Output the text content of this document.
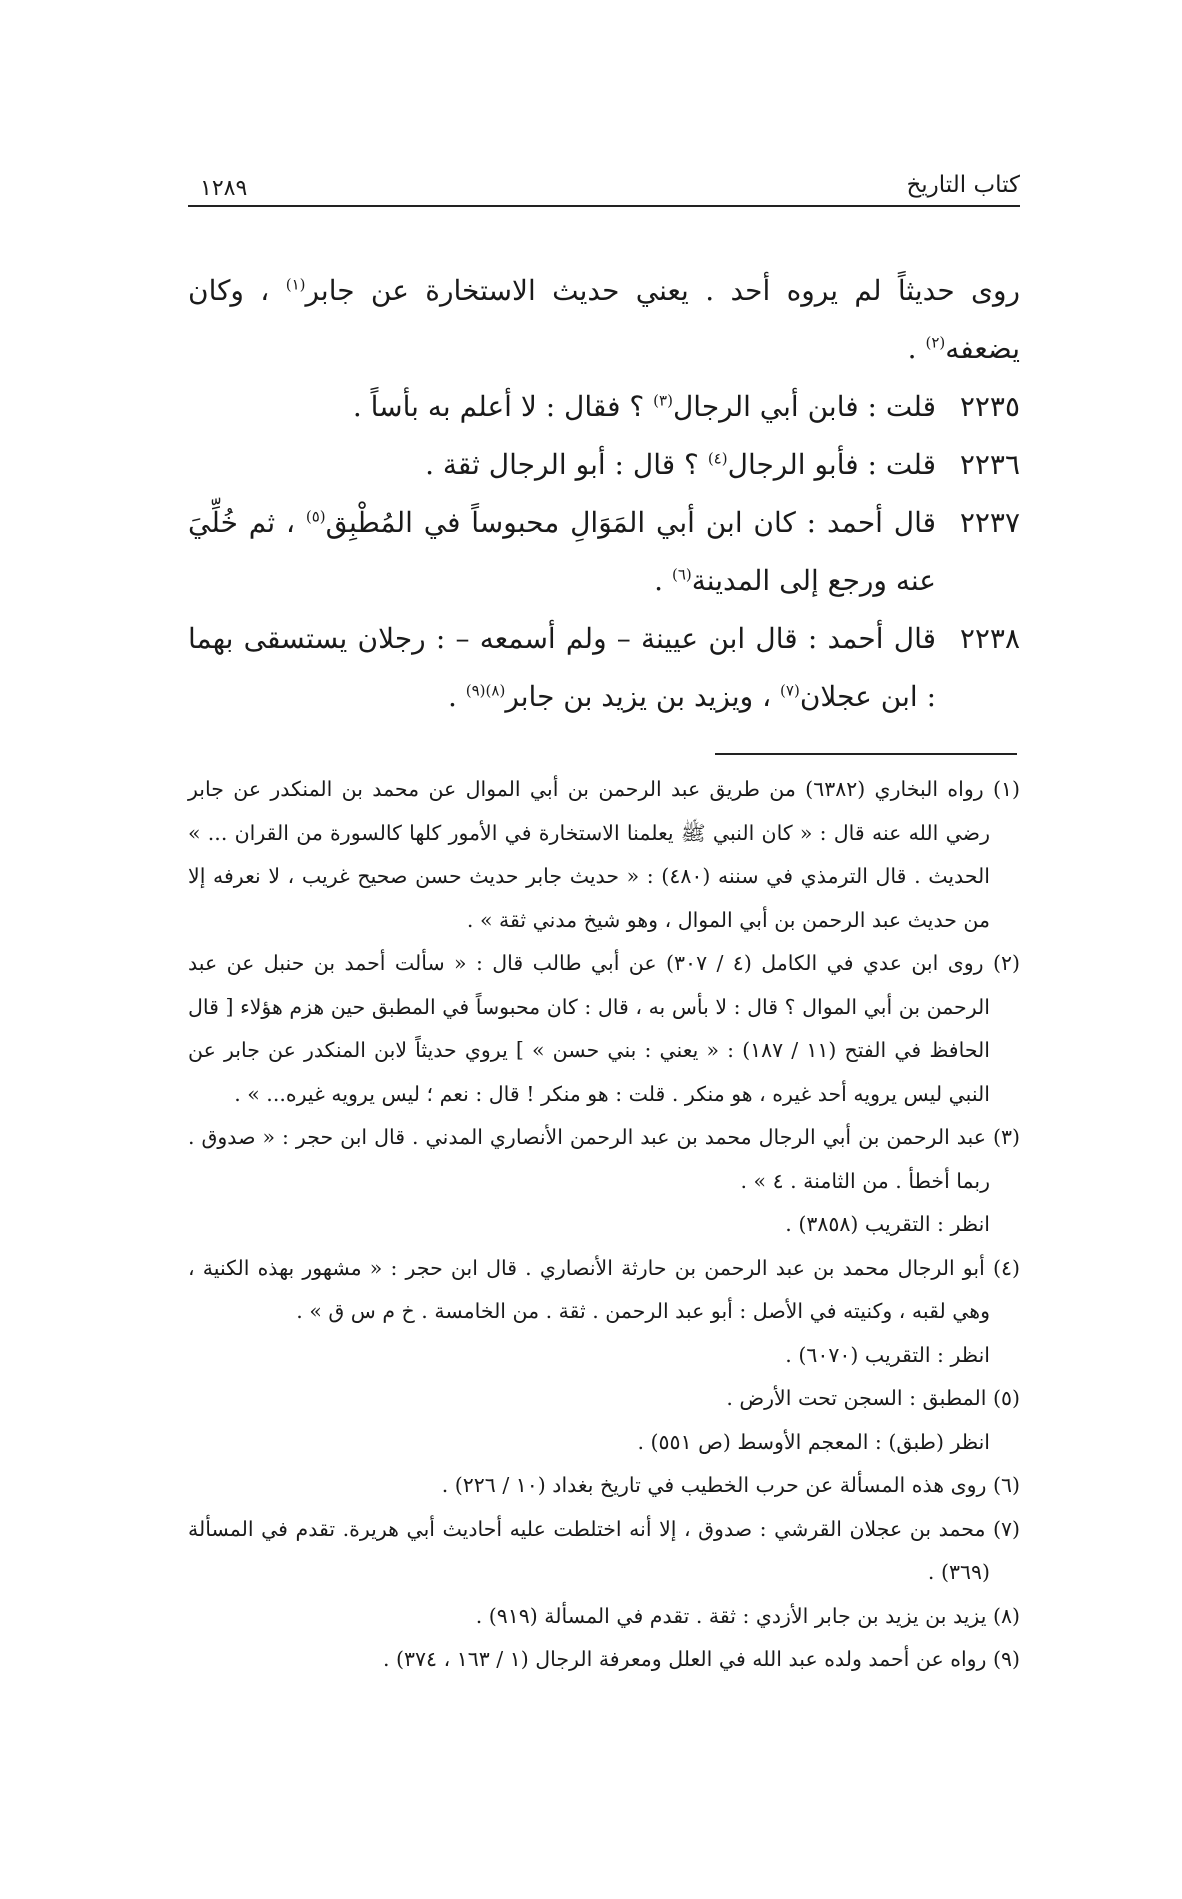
كتاب التاريخ
١٢٨٩

روى حديثاً لم يروه أحد . يعني حديث الاستخارة عن جابر$^{(١)}$ ، وكان يضعفه$^{(٢)}$ .

٢٢٣٥
قلت : فابن أبي الرجال$^{(٣)}$ ؟ فقال : لا أعلم به بأساً .
٢٢٣٦
قلت : فأبو الرجال$^{(٤)}$ ؟ قال : أبو الرجال ثقة .
٢٢٣٧
قال أحمد : كان ابن أبي المَوَالِ محبوساً في المُطْبِق$^{(٥)}$ ، ثم خُلِّيَ عنه ورجع إلى المدينة$^{(٦)}$ .
٢٢٣٨
قال أحمد : قال ابن عيينة – ولم أسمعه – : رجلان يستسقى بهما : ابن عجلان$^{(٧)}$ ، ويزيد بن يزيد بن جابر$^{(٨)(٩)}$ .

(١) رواه البخاري (٦٣٨٢) من طريق عبد الرحمن بن أبي الموال عن محمد بن المنكدر عن جابر رضي الله عنه قال : « كان النبي ﷺ يعلمنا الاستخارة في الأمور كلها كالسورة من القران ... » الحديث . قال الترمذي في سننه (٤٨٠) : « حديث جابر حديث حسن صحيح غريب ، لا نعرفه إلا من حديث عبد الرحمن بن أبي الموال ، وهو شيخ مدني ثقة » .

(٢) روى ابن عدي في الكامل (٤ / ٣٠٧) عن أبي طالب قال : « سألت أحمد بن حنبل عن عبد الرحمن بن أبي الموال ؟ قال : لا بأس به ، قال : كان محبوساً في المطبق حين هزم هؤلاء [ قال الحافظ في الفتح (١١ / ١٨٧) : « يعني : بني حسن » ] يروي حديثاً لابن المنكدر عن جابر عن النبي ليس يرويه أحد غيره ، هو منكر . قلت : هو منكر ! قال : نعم ؛ ليس يرويه غيره... » .

(٣) عبد الرحمن بن أبي الرجال محمد بن عبد الرحمن الأنصاري المدني . قال ابن حجر : « صدوق . ربما أخطأ . من الثامنة . ٤ » .

انظر : التقريب (٣٨٥٨) .

(٤) أبو الرجال محمد بن عبد الرحمن بن حارثة الأنصاري . قال ابن حجر : « مشهور بهذه الكنية ، وهي لقبه ، وكنيته في الأصل : أبو عبد الرحمن . ثقة . من الخامسة . خ م س ق » .

انظر : التقريب (٦٠٧٠) .

(٥) المطبق : السجن تحت الأرض .

انظر (طبق) : المعجم الأوسط (ص ٥٥١) .

(٦) روى هذه المسألة عن حرب الخطيب في تاريخ بغداد (١٠ / ٢٢٦) .

(٧) محمد بن عجلان القرشي : صدوق ، إلا أنه اختلطت عليه أحاديث أبي هريرة. تقدم في المسألة (٣٦٩) .

(٨) يزيد بن يزيد بن جابر الأزدي : ثقة . تقدم في المسألة (٩١٩) .

(٩) رواه عن أحمد ولده عبد الله في العلل ومعرفة الرجال (١ / ١٦٣ ، ٣٧٤) .
